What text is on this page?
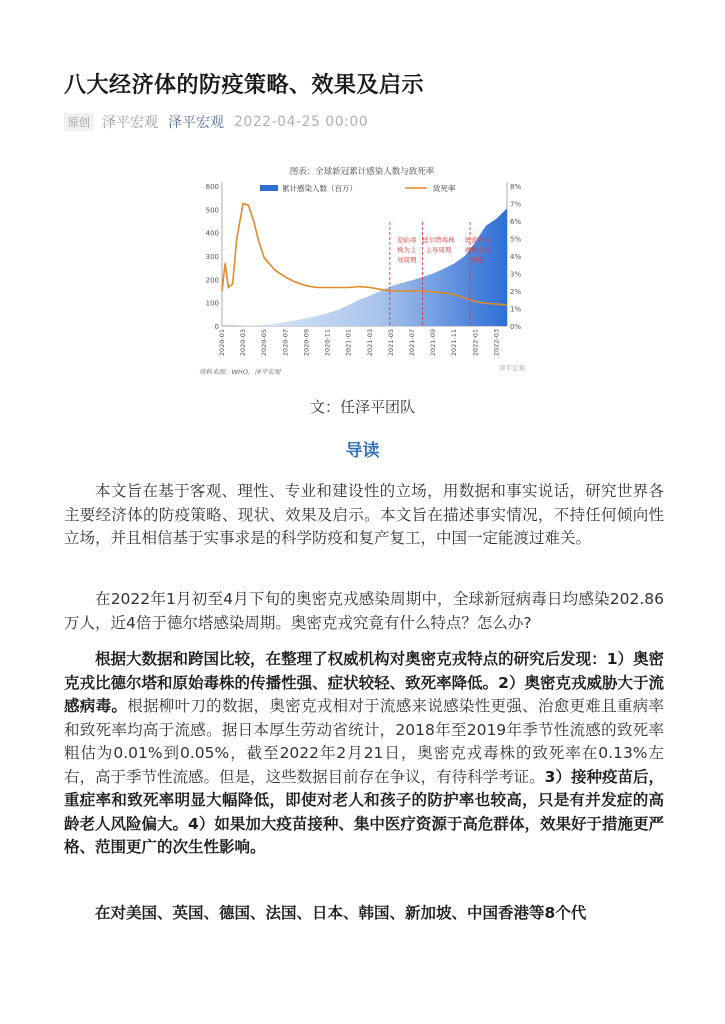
八大经济体的防疫策略、效果及启示
原创 泽平宏观 泽平宏观 2022-04-25 00:00
图表：全球新冠累计感染人数与致死率
累计感染人数（百万）	致死率
600
500
400
300
200
100
0
8%
7%
6%
5%
4%
3%
2%
1%
0%
原始毒
株为主
导周期
德尔塔毒株
主导周期
奥密克戎
毒株主导
周期
2020-01 2020-03 2020-05 2020-07 2020-09 2020-11 2021-01 2021-03 2021-05 2021-07 2021-09 2021-11 2022-01 2022-03
资料来源：WHO，泽平宏观	泽平宏观
文：任泽平团队
导读

本文旨在基于客观、理性、专业和建设性的立场，用数据和事实说话，研究世界各主要经济体的防疫策略、现状、效果及启示。本文旨在描述事实情况，不持任何倾向性立场，并且相信基于实事求是的科学防疫和复产复工，中国一定能渡过难关。

在2022年1月初至4月下旬的奥密克戎感染周期中，全球新冠病毒日均感染202.86万人，近4倍于德尔塔感染周期。奥密克戎究竟有什么特点？怎么办?

根据大数据和跨国比较，在整理了权威机构对奥密克戎特点的研究后发现：1）奥密克戎比德尔塔和原始毒株的传播性强、症状较轻、致死率降低。2）奥密克戎威胁大于流感病毒。根据柳叶刀的数据，奥密克戎相对于流感来说感染性更强、治愈更难且重病率和致死率均高于流感。据日本厚生劳动省统计，2018年至2019年季节性流感的致死率粗估为0.01%到0.05%，截至2022年2月21日，奥密克戎毒株的致死率在0.13%左右，高于季节性流感。但是，这些数据目前存在争议，有待科学考证。3）接种疫苗后，重症率和致死率明显大幅降低，即使对老人和孩子的防护率也较高，只是有并发症的高龄老人风险偏大。4）如果加大疫苗接种、集中医疗资源于高危群体，效果好于措施更严格、范围更广的次生性影响。

在对美国、英国、德国、法国、日本、韩国、新加坡、中国香港等8个代
